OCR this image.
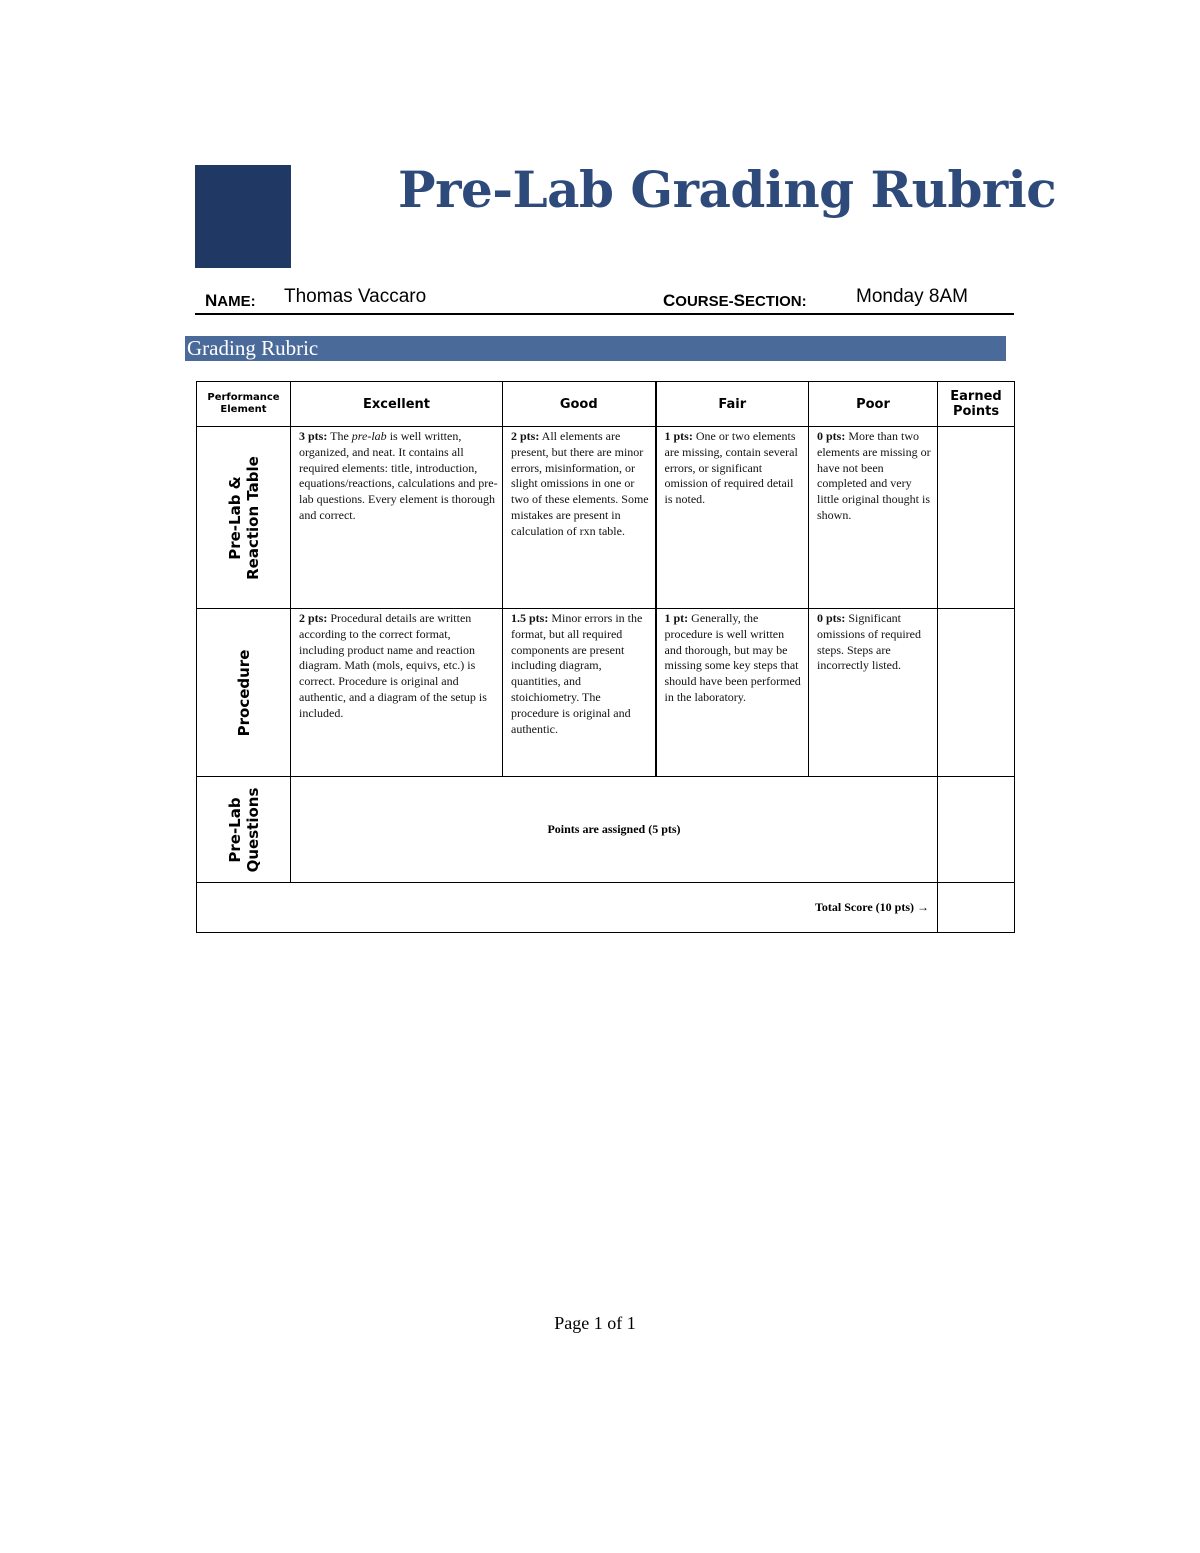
Pre-Lab Grading Rubric
NAME: Thomas Vaccaro	COURSE-SECTION:	Monday 8AM
Grading Rubric
Performance
Element	Excellent	Good	Fair	Poor	Earned
Points

Pre-Lab &
Reaction Table	3 pts: The pre-lab is well written, organized, and neat. It contains all required elements: title, introduction, equations/reactions, calculations and pre-lab questions. Every element is thorough and correct.	2 pts: All elements are present, but there are minor errors, misinformation, or slight omissions in one or two of these elements. Some mistakes are present in calculation of rxn table.	1 pts: One or two elements are missing, contain several errors, or significant omission of required detail is noted.	0 pts: More than two elements are missing or have not been completed and very little original thought is shown.	

Procedure	2 pts: Procedural details are written according to the correct format, including product name and reaction diagram. Math (mols, equivs, etc.) is correct. Procedure is original and authentic, and a diagram of the setup is included.	1.5 pts: Minor errors in the format, but all required components are present including diagram, quantities, and stoichiometry. The procedure is original and authentic.	1 pt: Generally, the procedure is well written and thorough, but may be missing some key steps that should have been performed in the laboratory.	0 pts: Significant omissions of required steps. Steps are incorrectly listed.	

Pre-Lab
Questions	Points are assigned (5 pts)				
Total Score (10 pts) →					
Page 1 of 1
